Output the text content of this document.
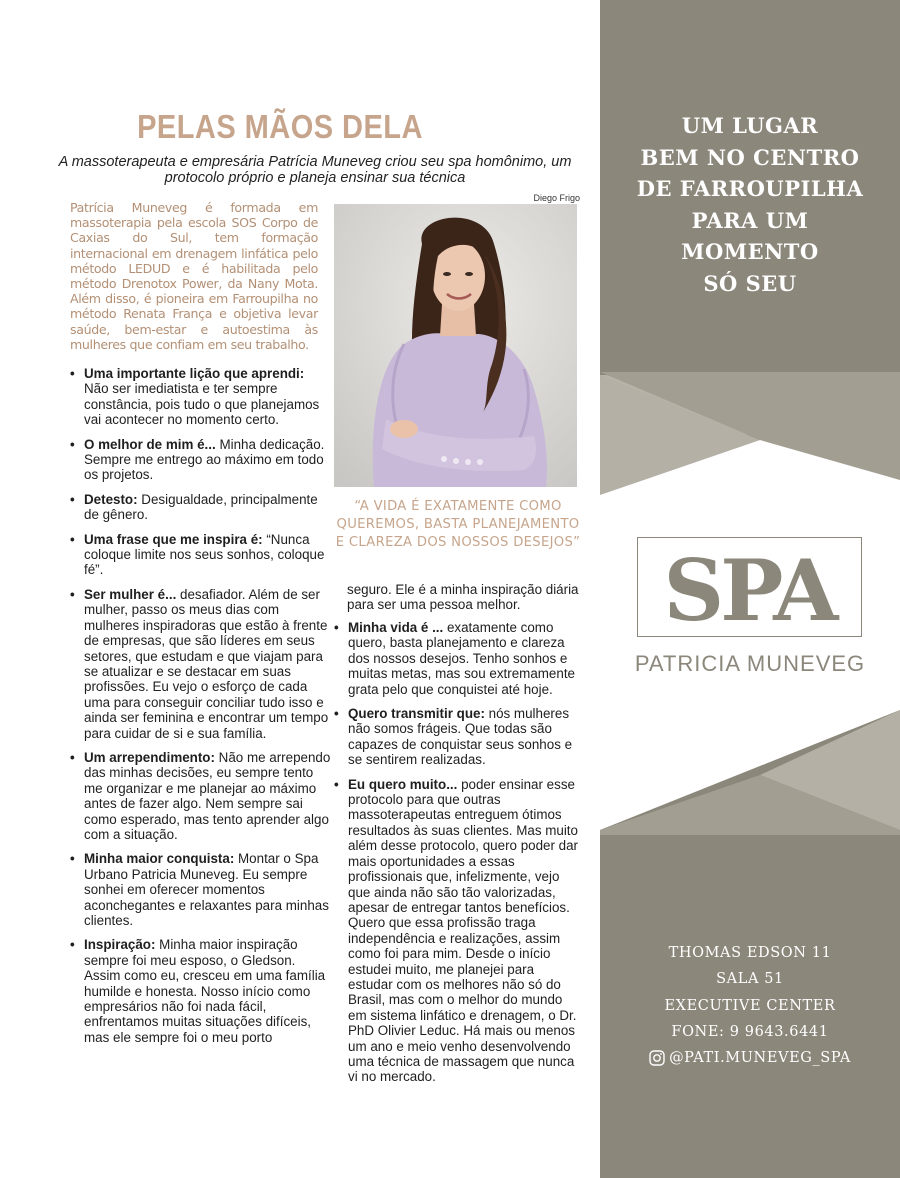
PELAS MÃOS DELA

A massoterapeuta e empresária Patrícia Muneveg criou seu spa homônimo, um protocolo próprio e planeja ensinar sua técnica

Diego Frigo

Patrícia Muneveg é formada em massoterapia pela escola SOS Corpo de Caxias do Sul, tem formação internacional em drenagem linfática pelo método LEDUD e é habilitada pelo método Drenotox Power, da Nany Mota. Além disso, é pioneira em Farroupilha no método Renata França e objetiva levar saúde, bem-estar e autoestima às mulheres que confiam em seu trabalho.

“A VIDA É EXATAMENTE COMO QUEREMOS, BASTA PLANEJAMENTO E CLAREZA DOS NOSSOS DESEJOS”

• Uma importante lição que aprendi: Não ser imediatista e ter sempre constância, pois tudo o que planejamos vai acontecer no momento certo.
• O melhor de mim é... Minha dedicação. Sempre me entrego ao máximo em todo os projetos.
• Detesto: Desigualdade, principalmente de gênero.
• Uma frase que me inspira é: “Nunca coloque limite nos seus sonhos, coloque fé”.
• Ser mulher é... desafiador. Além de ser mulher, passo os meus dias com mulheres inspiradoras que estão à frente de empresas, que são líderes em seus setores, que estudam e que viajam para se atualizar e se destacar em suas profissões. Eu vejo o esforço de cada uma para conseguir conciliar tudo isso e ainda ser feminina e encontrar um tempo para cuidar de si e sua família.
• Um arrependimento: Não me arrependo das minhas decisões, eu sempre tento me organizar e me planejar ao máximo antes de fazer algo. Nem sempre sai como esperado, mas tento aprender algo com a situação.
• Minha maior conquista: Montar o Spa Urbano Patricia Muneveg. Eu sempre sonhei em oferecer momentos aconchegantes e relaxantes para minhas clientes.
• Inspiração: Minha maior inspiração sempre foi meu esposo, o Gledson. Assim como eu, cresceu em uma família humilde e honesta. Nosso início como empresários não foi nada fácil, enfrentamos muitas situações difíceis, mas ele sempre foi o meu porto

seguro. Ele é a minha inspiração diária para ser uma pessoa melhor.

• Minha vida é ... exatamente como quero, basta planejamento e clareza dos nossos desejos. Tenho sonhos e muitas metas, mas sou extremamente grata pelo que conquistei até hoje.
• Quero transmitir que: nós mulheres não somos frágeis. Que todas são capazes de conquistar seus sonhos e se sentirem realizadas.
• Eu quero muito... poder ensinar esse protocolo para que outras massoterapeutas entreguem ótimos resultados às suas clientes. Mas muito além desse protocolo, quero poder dar mais oportunidades a essas profissionais que, infelizmente, vejo que ainda não são tão valorizadas, apesar de entregar tantos benefícios. Quero que essa profissão traga independência e realizações, assim como foi para mim. Desde o início estudei muito, me planejei para estudar com os melhores não só do Brasil, mas com o melhor do mundo em sistema linfático e drenagem, o Dr. PhD Olivier Leduc. Há mais ou menos um ano e meio venho desenvolvendo uma técnica de massagem que nunca vi no mercado.
UM LUGAR
BEM NO CENTRO
DE FARROUPILHA
PARA UM
MOMENTO
SÓ SEU
SPA
PATRICIA MUNEVEG
THOMAS EDSON 11
SALA 51
EXECUTIVE CENTER
FONE: 9 9643.6441
@PATI.MUNEVEG_SPA
